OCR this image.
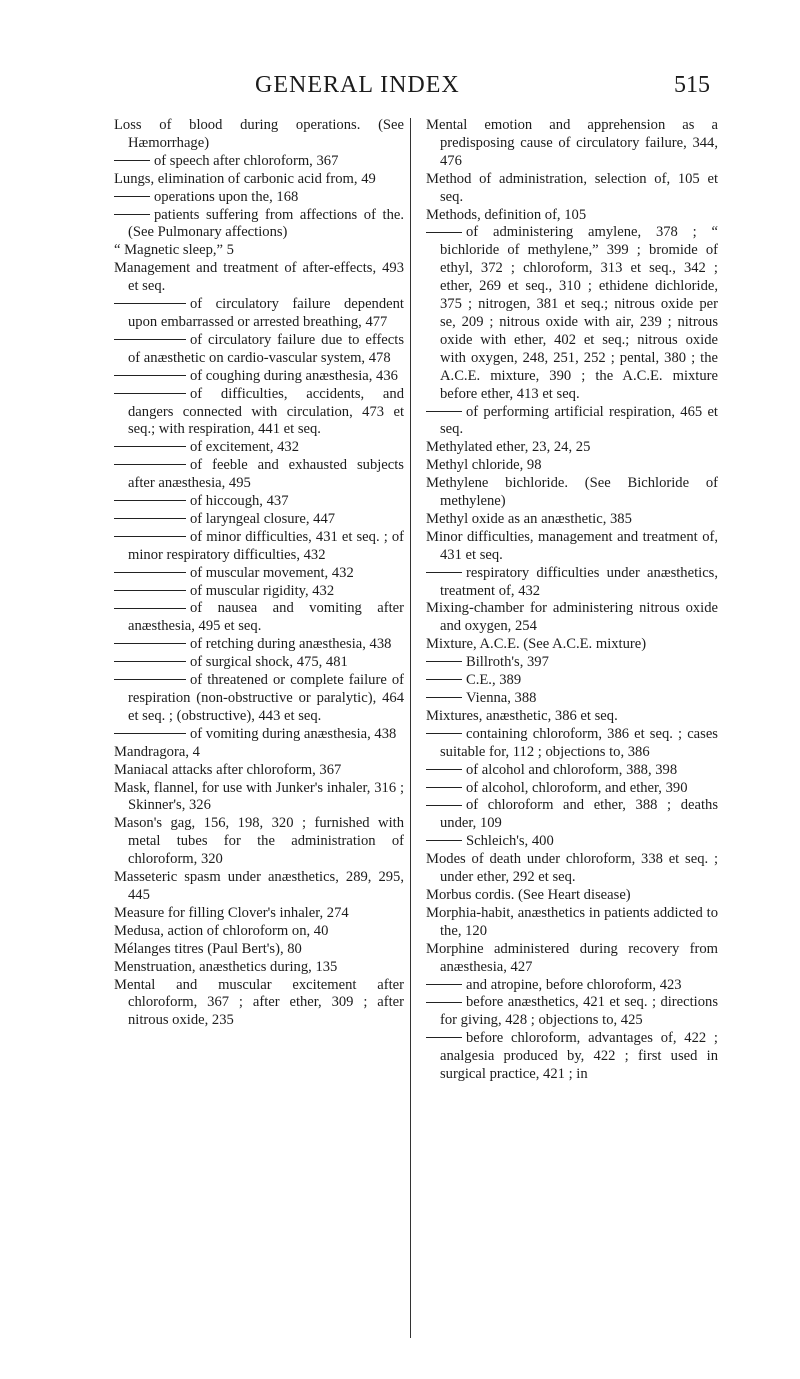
GENERAL INDEX	515

Loss of blood during operations. (See Hæmorrhage)

of speech after chloroform, 367

Lungs, elimination of carbonic acid from, 49

operations upon the, 168

patients suffering from affections of the. (See Pulmonary affections)

“ Magnetic sleep,” 5

Management and treatment of after-effects, 493 et seq.

of circulatory failure dependent upon embarrassed or arrested breathing, 477

of circulatory failure due to effects of anæsthetic on cardio-vascular system, 478

of coughing during anæsthesia, 436

of difficulties, accidents, and dangers connected with circulation, 473 et seq.; with respiration, 441 et seq.

of excitement, 432

of feeble and exhausted subjects after anæsthesia, 495

of hiccough, 437

of laryngeal closure, 447

of minor difficulties, 431 et seq. ; of minor respiratory difficulties, 432

of muscular movement, 432

of muscular rigidity, 432

of nausea and vomiting after anæsthesia, 495 et seq.

of retching during anæsthesia, 438

of surgical shock, 475, 481

of threatened or complete failure of respiration (non-obstructive or paralytic), 464 et seq. ; (obstructive), 443 et seq.

of vomiting during anæsthesia, 438

Mandragora, 4

Maniacal attacks after chloroform, 367

Mask, flannel, for use with Junker's inhaler, 316 ; Skinner's, 326

Mason's gag, 156, 198, 320 ; furnished with metal tubes for the administration of chloroform, 320

Masseteric spasm under anæsthetics, 289, 295, 445

Measure for filling Clover's inhaler, 274

Medusa, action of chloroform on, 40

Mélanges titres (Paul Bert's), 80

Menstruation, anæsthetics during, 135

Mental and muscular excitement after chloroform, 367 ; after ether, 309 ; after nitrous oxide, 235

Mental emotion and apprehension as a predisposing cause of circulatory failure, 344, 476

Method of administration, selection of, 105 et seq.

Methods, definition of, 105

of administering amylene, 378 ; “ bichloride of methylene,” 399 ; bromide of ethyl, 372 ; chloroform, 313 et seq., 342 ; ether, 269 et seq., 310 ; ethidene dichloride, 375 ; nitrogen, 381 et seq.; nitrous oxide per se, 209 ; nitrous oxide with air, 239 ; nitrous oxide with ether, 402 et seq.; nitrous oxide with oxygen, 248, 251, 252 ; pental, 380 ; the A.C.E. mixture, 390 ; the A.C.E. mixture before ether, 413 et seq.

of performing artificial respiration, 465 et seq.

Methylated ether, 23, 24, 25

Methyl chloride, 98

Methylene bichloride. (See Bichloride of methylene)

Methyl oxide as an anæsthetic, 385

Minor difficulties, management and treatment of, 431 et seq.

respiratory difficulties under anæsthetics, treatment of, 432

Mixing-chamber for administering nitrous oxide and oxygen, 254

Mixture, A.C.E. (See A.C.E. mixture)

Billroth's, 397

C.E., 389

Vienna, 388

Mixtures, anæsthetic, 386 et seq.

containing chloroform, 386 et seq. ; cases suitable for, 112 ; objections to, 386

of alcohol and chloroform, 388, 398

of alcohol, chloroform, and ether, 390

of chloroform and ether, 388 ; deaths under, 109

Schleich's, 400

Modes of death under chloroform, 338 et seq. ; under ether, 292 et seq.

Morbus cordis. (See Heart disease)

Morphia-habit, anæsthetics in patients addicted to the, 120

Morphine administered during recovery from anæsthesia, 427

and atropine, before chloroform, 423

before anæsthetics, 421 et seq. ; directions for giving, 428 ; objections to, 425

before chloroform, advantages of, 422 ; analgesia produced by, 422 ; first used in surgical practice, 421 ; in
